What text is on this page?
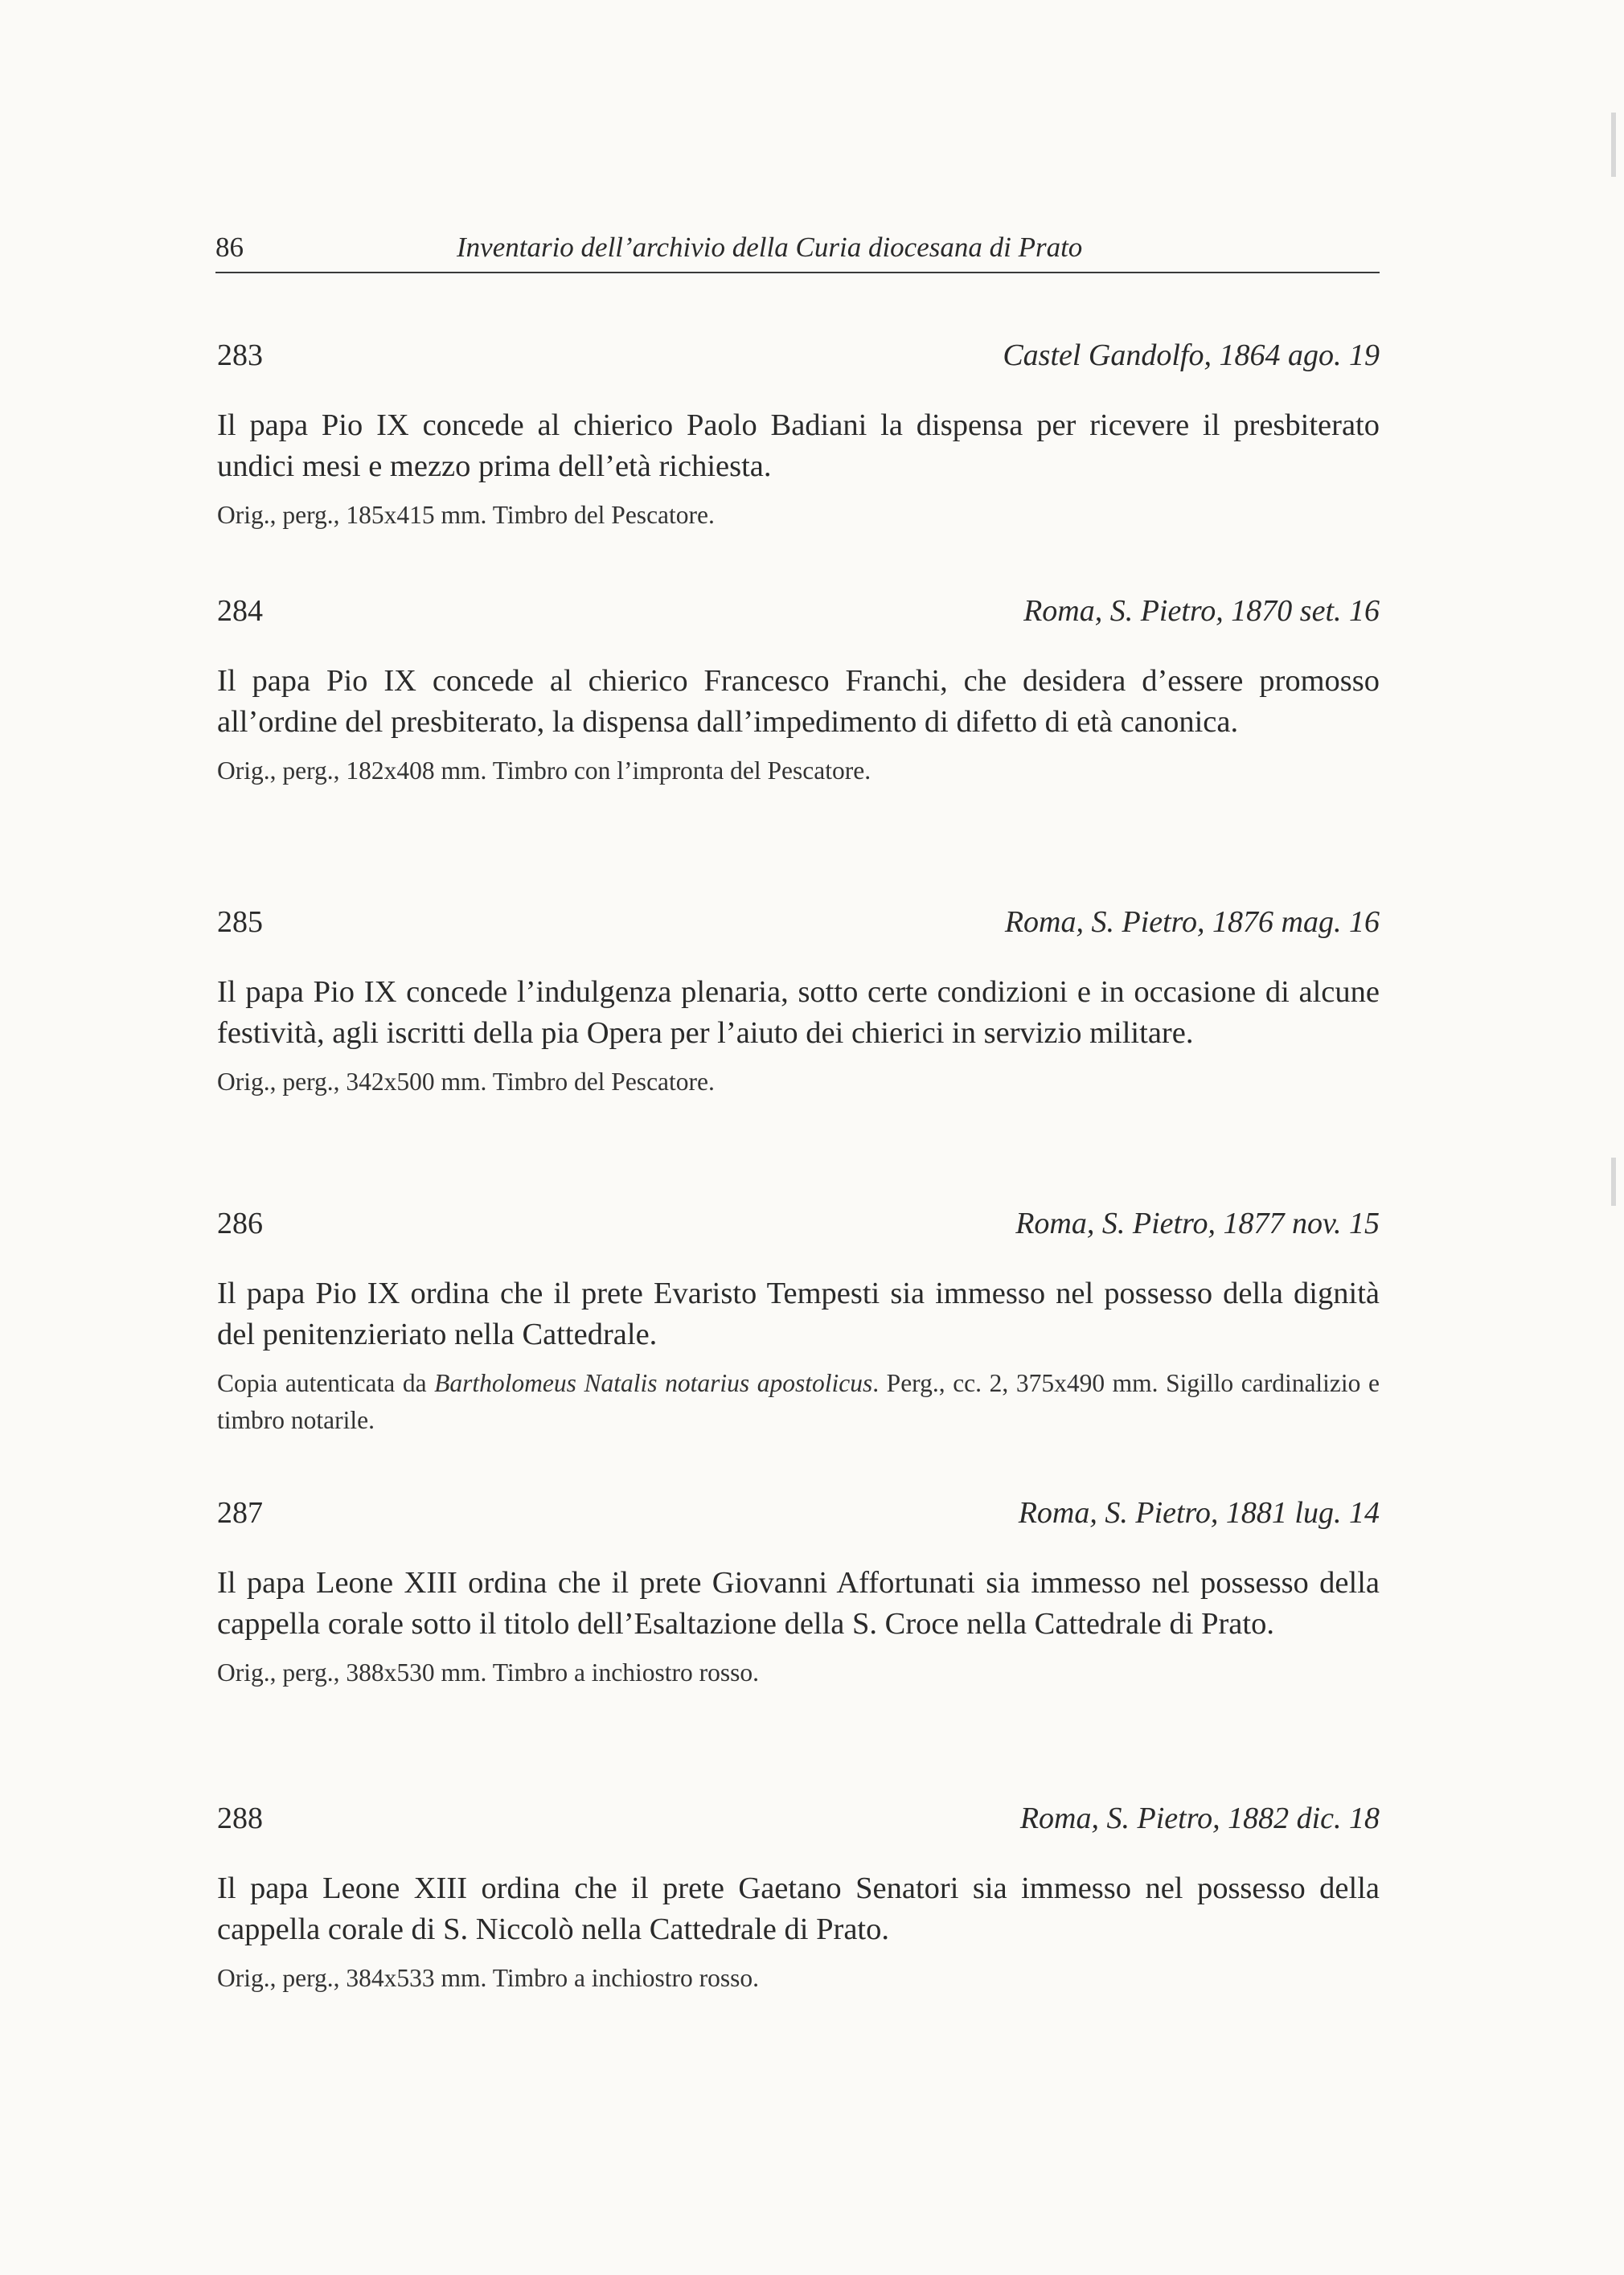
86	Inventario dell’archivio della Curia diocesana di Prato
283	Castel Gandolfo, 1864 ago. 19

Il papa Pio IX concede al chierico Paolo Badiani la dispensa per ricevere il presbiterato undici mesi e mezzo prima dell’età richiesta.

Orig., perg., 185x415 mm. Timbro del Pescatore.

284	Roma, S. Pietro, 1870 set. 16

Il papa Pio IX concede al chierico Francesco Franchi, che desidera d’essere promosso all’ordine del presbiterato, la dispensa dall’impedimento di difetto di età canonica.

Orig., perg., 182x408 mm. Timbro con l’impronta del Pescatore.

285	Roma, S. Pietro, 1876 mag. 16

Il papa Pio IX concede l’indulgenza plenaria, sotto certe condizioni e in occasione di alcune festività, agli iscritti della pia Opera per l’aiuto dei chierici in servizio militare.

Orig., perg., 342x500 mm. Timbro del Pescatore.

286	Roma, S. Pietro, 1877 nov. 15

Il papa Pio IX ordina che il prete Evaristo Tempesti sia immesso nel possesso della dignità del penitenzieriato nella Cattedrale.

Copia autenticata da Bartholomeus Natalis notarius apostolicus. Perg., cc. 2, 375x490 mm. Sigillo cardinalizio e timbro notarile.

287	Roma, S. Pietro, 1881 lug. 14

Il papa Leone XIII ordina che il prete Giovanni Affortunati sia immesso nel possesso della cappella corale sotto il titolo dell’Esaltazione della S. Croce nella Cattedrale di Prato.

Orig., perg., 388x530 mm. Timbro a inchiostro rosso.

288	Roma, S. Pietro, 1882 dic. 18

Il papa Leone XIII ordina che il prete Gaetano Senatori sia immesso nel possesso della cappella corale di S. Niccolò nella Cattedrale di Prato.

Orig., perg., 384x533 mm. Timbro a inchiostro rosso.
